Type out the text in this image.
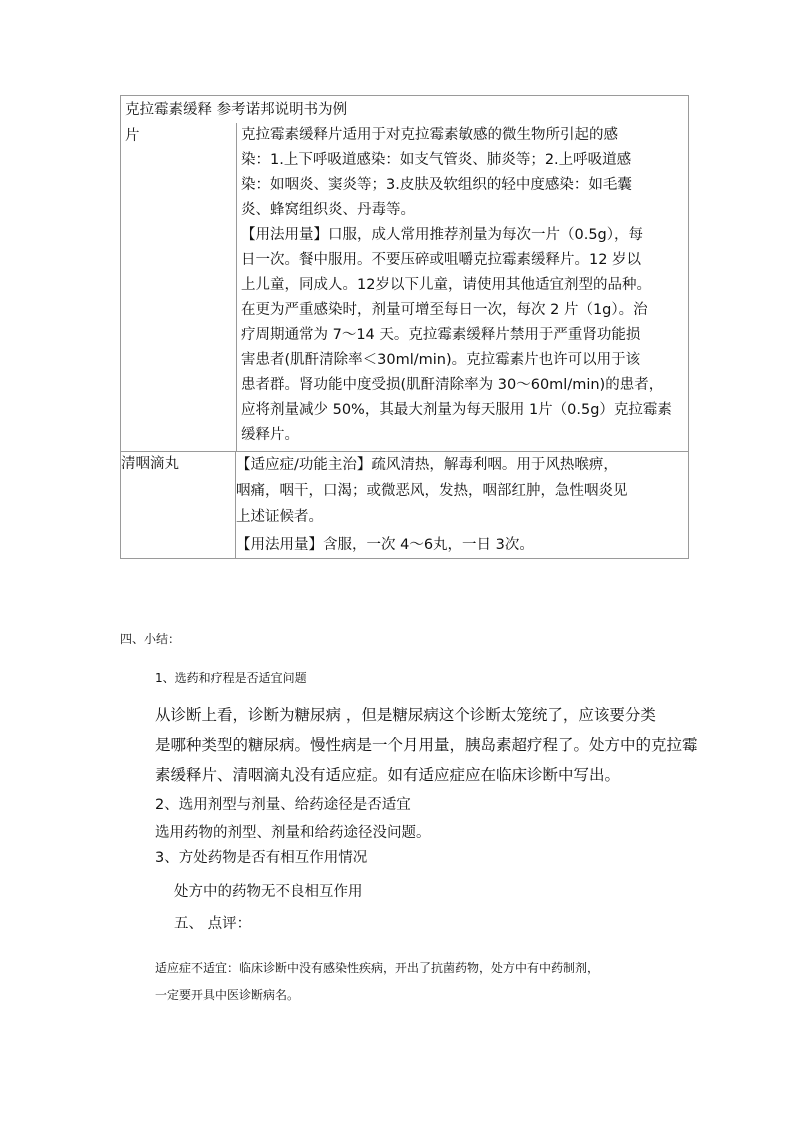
克拉霉素缓释 参考诺邦说明书为例
片	克拉霉素缓释片适用于对克拉霉素敏感的微生物所引起的感
染：1.上下呼吸道感染：如支气管炎、肺炎等；2.上呼吸道感
染：如咽炎、窦炎等；3.皮肤及软组织的轻中度感染：如毛囊
炎、蜂窝组织炎、丹毒等。
【用法用量】口服，成人常用推荐剂量为每次一片（0.5g），每
日一次。餐中服用。不要压碎或咀嚼克拉霉素缓释片。12 岁以
上儿童，同成人。12岁以下儿童，请使用其他适宜剂型的品种。
在更为严重感染时，剂量可增至每日一次，每次 2 片（1g）。治
疗周期通常为 7～14 天。克拉霉素缓释片禁用于严重肾功能损
害患者(肌酐清除率＜30ml/min)。克拉霉素片也许可以用于该
患者群。肾功能中度受损(肌酐清除率为 30～60ml/min)的患者，
应将剂量减少 50%，其最大剂量为每天服用 1片（0.5g）克拉霉素
缓释片。

清咽滴丸	【适应症/功能主治】疏风清热，解毒利咽。用于风热喉痹，
咽痛，咽干，口渴；或微恶风，发热，咽部红肿，急性咽炎见
上述证候者。
【用法用量】含服，一次 4～6丸，一日 3次。
四、小结：
1、选药和疗程是否适宜问题
从诊断上看，诊断为糖尿病 ，但是糖尿病这个诊断太笼统了，应该要分类
是哪种类型的糖尿病。慢性病是一个月用量，胰岛素超疗程了。处方中的克拉霉
素缓释片、清咽滴丸没有适应症。如有适应症应在临床诊断中写出。
2、选用剂型与剂量、给药途径是否适宜
选用药物的剂型、剂量和给药途径没问题。
3、方处药物是否有相互作用情况
处方中的药物无不良相互作用
五、 点评：
适应症不适宜：临床诊断中没有感染性疾病，开出了抗菌药物，处方中有中药制剂，
一定要开具中医诊断病名。
